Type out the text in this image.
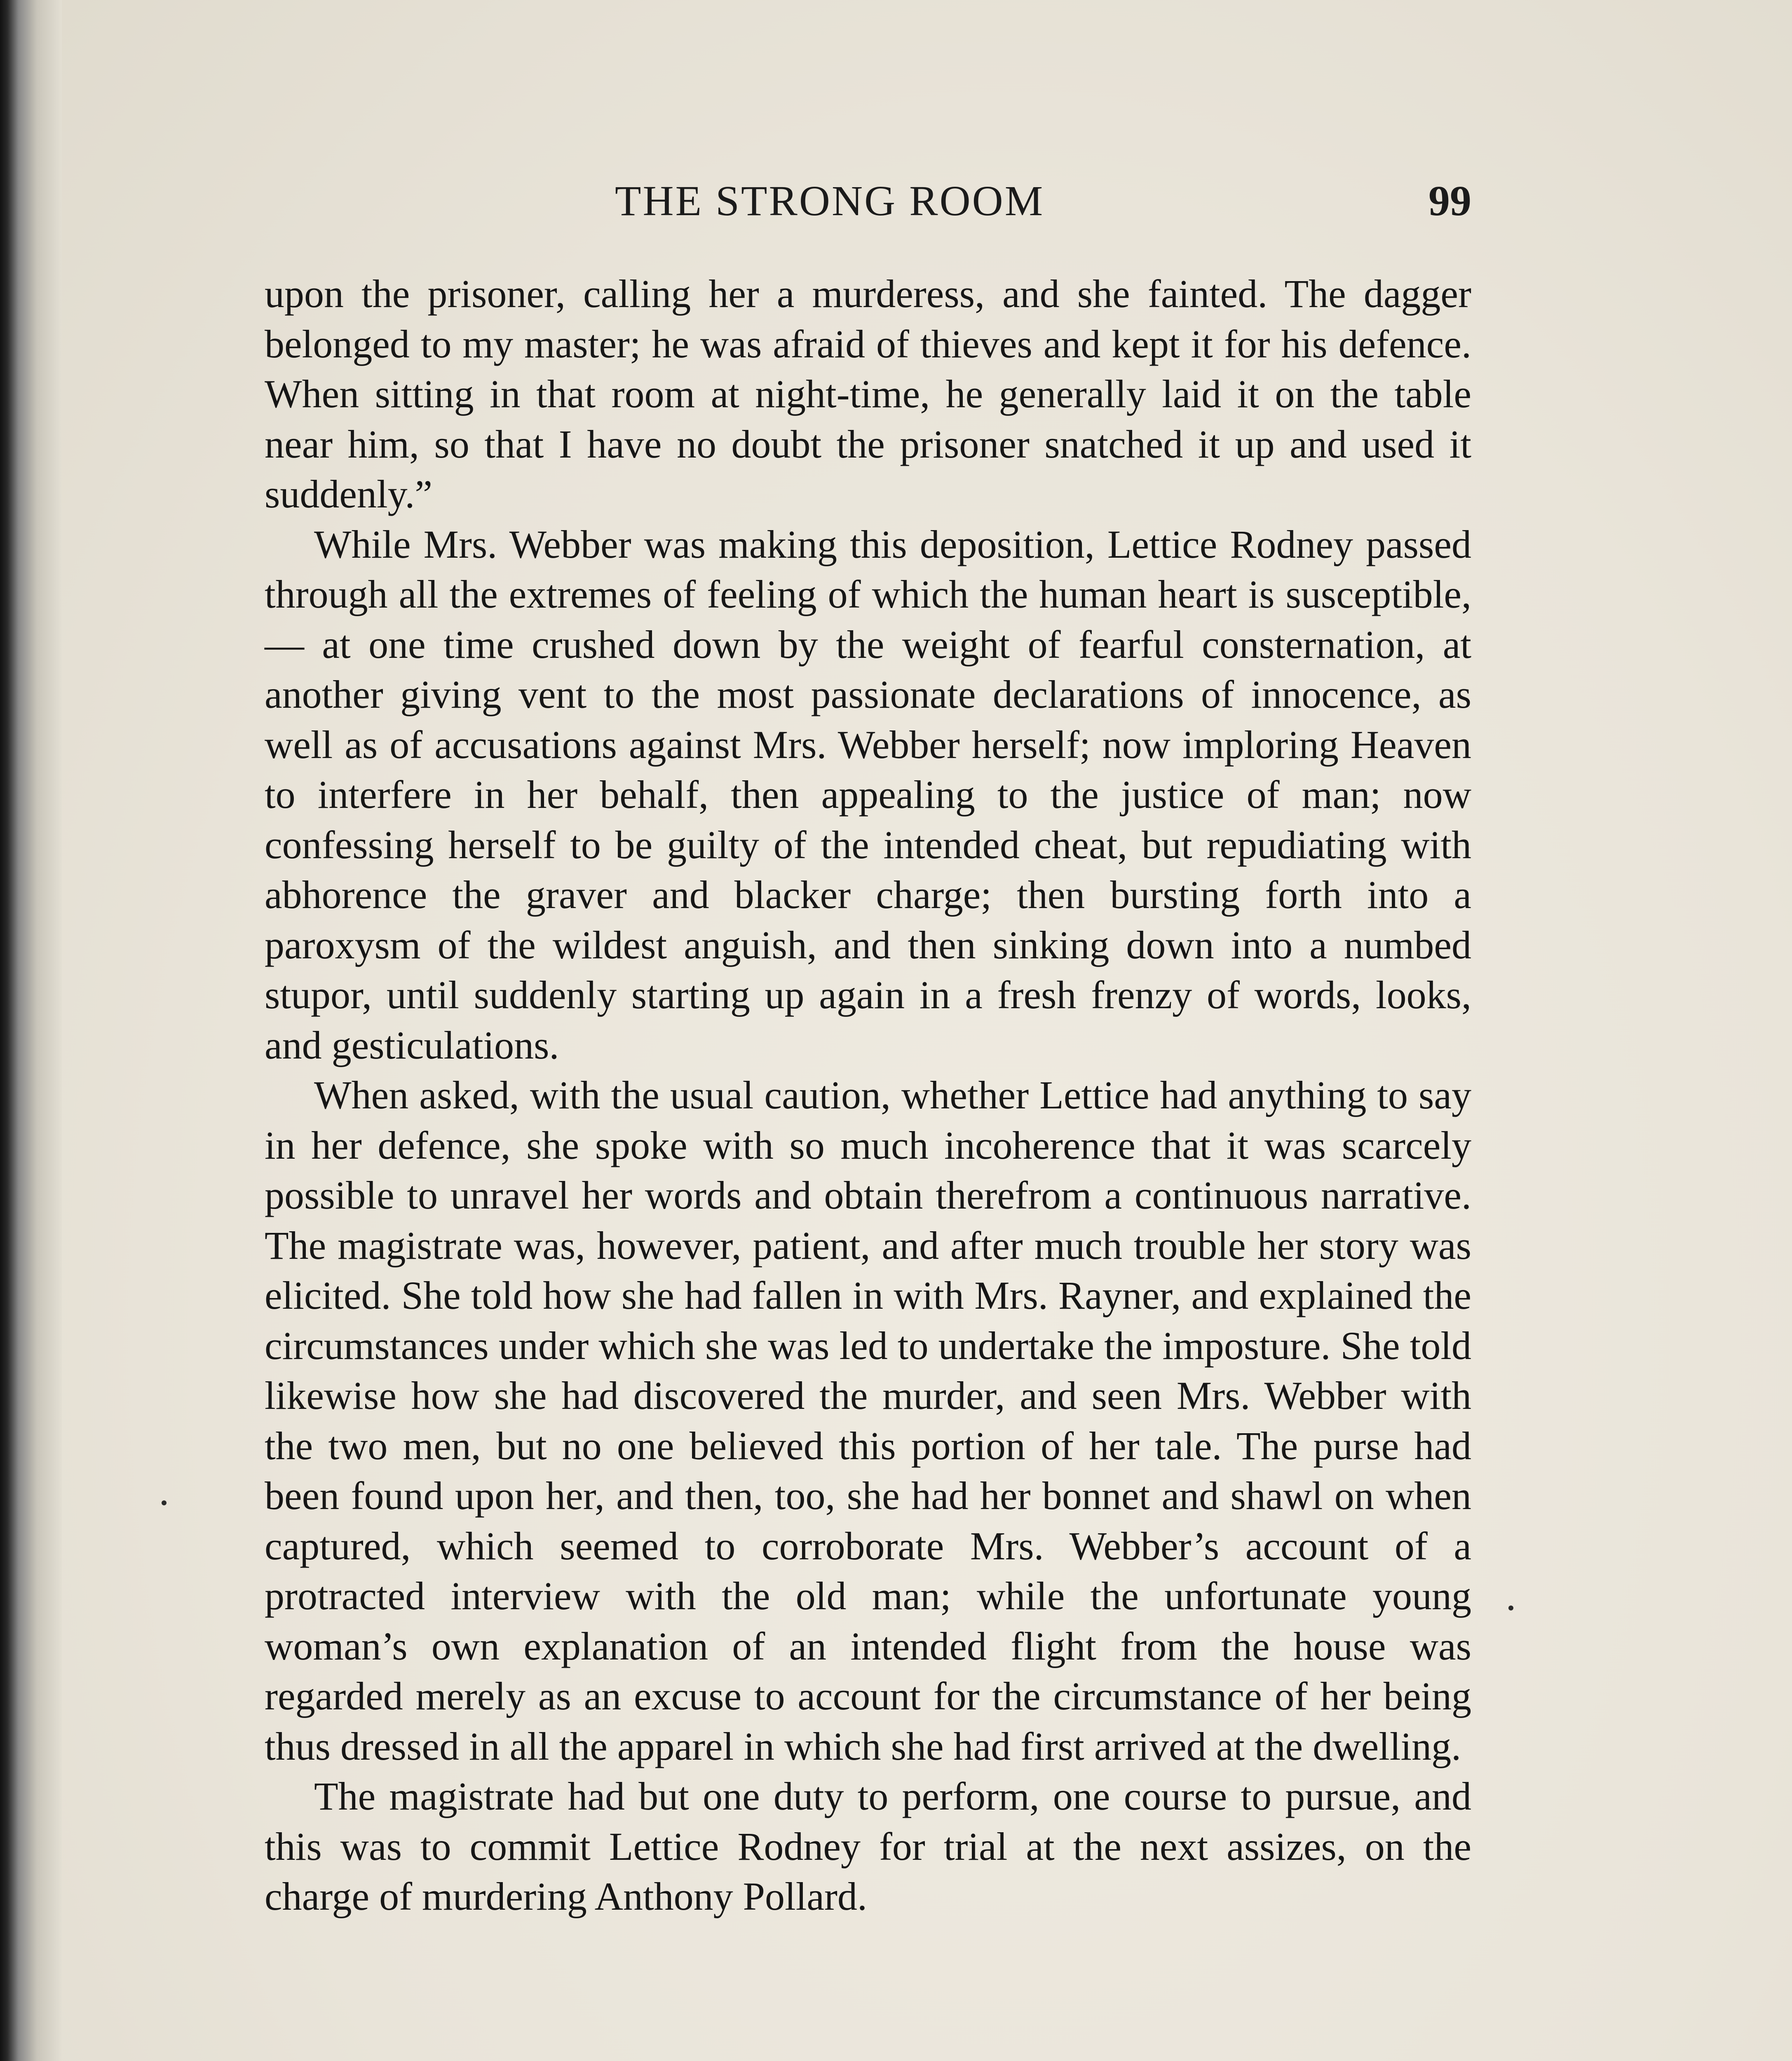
THE STRONG ROOM	99

upon the prisoner, calling her a murderess, and she fainted. The dagger belonged to my master; he was afraid of thieves and kept it for his defence. When sitting in that room at night-time, he generally laid it on the table near him, so that I have no doubt the prisoner snatched it up and used it suddenly.”

While Mrs. Webber was making this deposition, Lettice Rodney passed through all the extremes of feeling of which the human heart is susceptible, — at one time crushed down by the weight of fearful consternation, at another giving vent to the most passionate declarations of innocence, as well as of accusations against Mrs. Webber herself; now imploring Heaven to interfere in her behalf, then appealing to the justice of man; now confessing herself to be guilty of the intended cheat, but repudiating with abhorence the graver and blacker charge; then bursting forth into a paroxysm of the wildest anguish, and then sinking down into a numbed stupor, until suddenly starting up again in a fresh frenzy of words, looks, and gesticulations.

When asked, with the usual caution, whether Lettice had anything to say in her defence, she spoke with so much incoherence that it was scarcely possible to unravel her words and obtain therefrom a continuous narrative. The magistrate was, however, patient, and after much trouble her story was elicited. She told how she had fallen in with Mrs. Rayner, and explained the circumstances under which she was led to undertake the imposture. She told likewise how she had discovered the murder, and seen Mrs. Webber with the two men, but no one believed this portion of her tale. The purse had been found upon her, and then, too, she had her bonnet and shawl on when captured, which seemed to corroborate Mrs. Webber’s account of a protracted interview with the old man; while the unfortunate young woman’s own explanation of an intended flight from the house was regarded merely as an excuse to account for the circumstance of her being thus dressed in all the apparel in which she had first arrived at the dwelling.

The magistrate had but one duty to perform, one course to pursue, and this was to commit Lettice Rodney for trial at the next assizes, on the charge of murdering Anthony Pollard.
